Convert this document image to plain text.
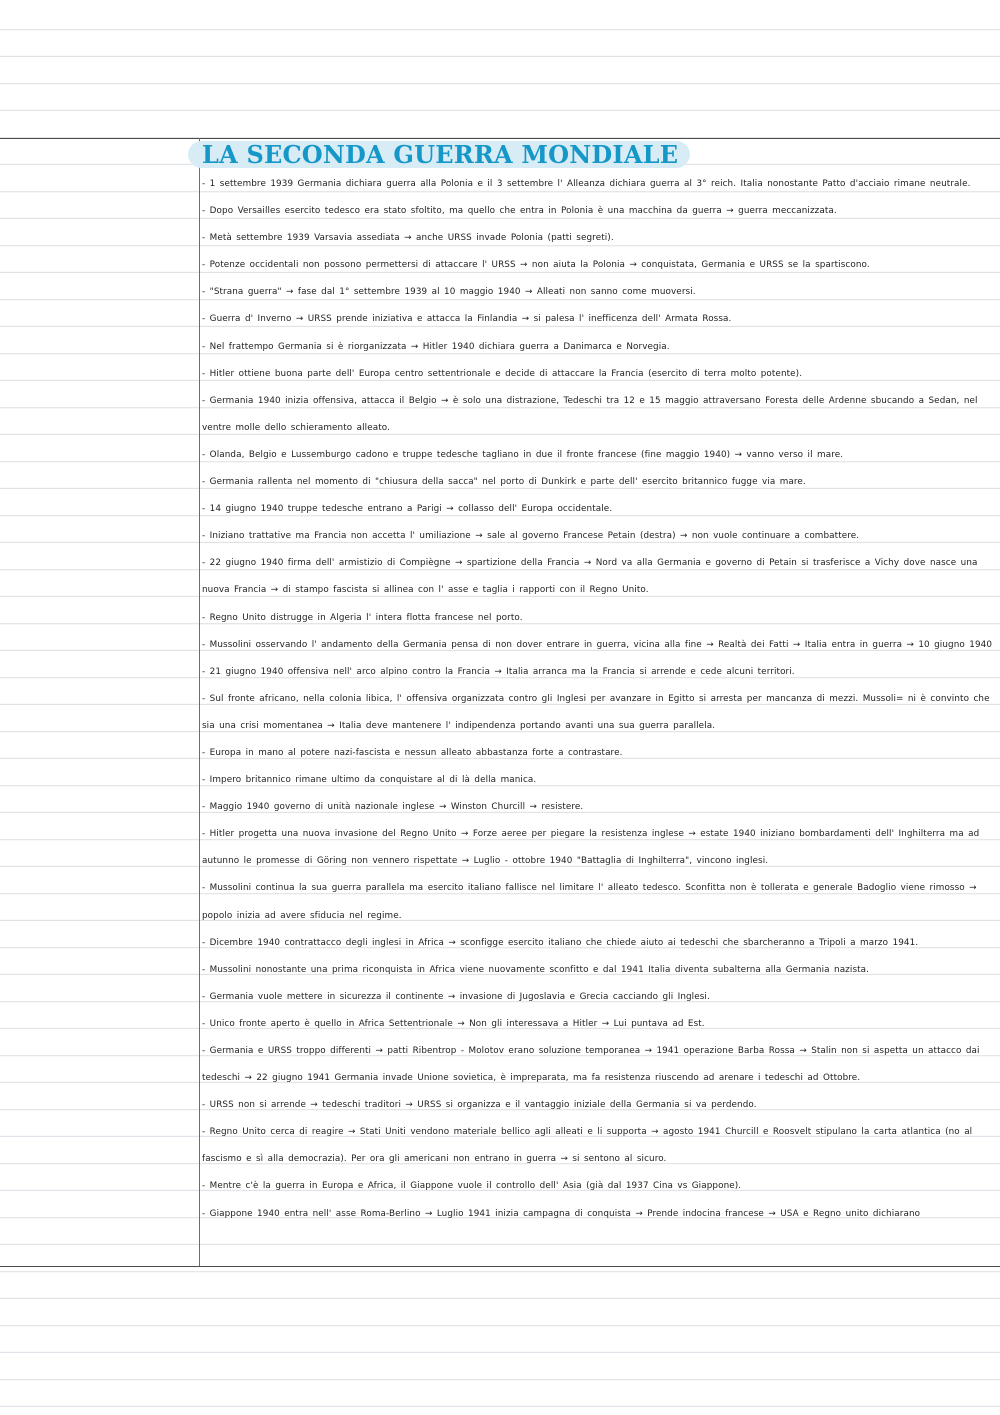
LA SECONDA GUERRA MONDIALE
- 1 settembre 1939 Germania dichiara guerra alla Polonia e il 3 settembre l' Alleanza dichiara guerra al 3° reich. Italia nonostante Patto d'acciaio rimane neutrale.
- Dopo Versailles esercito tedesco era stato sfoltito, ma quello che entra in Polonia è una macchina da guerra → guerra meccanizzata.
- Metà settembre 1939 Varsavia assediata → anche URSS invade Polonia (patti segreti).
- Potenze occidentali non possono permettersi di attaccare l' URSS → non aiuta la Polonia → conquistata, Germania e URSS se la spartiscono.
- "Strana guerra" → fase dal 1° settembre 1939 al 10 maggio 1940 → Alleati non sanno come muoversi.
- Guerra d' Inverno → URSS prende iniziativa e attacca la Finlandia → si palesa l' inefficenza dell' Armata Rossa.
- Nel frattempo Germania si è riorganizzata → Hitler 1940 dichiara guerra a Danimarca e Norvegia.
- Hitler ottiene buona parte dell' Europa centro settentrionale e decide di attaccare la Francia (esercito di terra molto potente).
- Germania 1940 inizia offensiva, attacca il Belgio → è solo una distrazione, Tedeschi tra 12 e 15 maggio attraversano Foresta delle Ardenne sbucando a Sedan, nel ventre molle dello schieramento alleato.
- Olanda, Belgio e Lussemburgo cadono e truppe tedesche tagliano in due il fronte francese (fine maggio 1940) → vanno verso il mare.
- Germania rallenta nel momento di "chiusura della sacca" nel porto di Dunkirk e parte dell' esercito britannico fugge via mare.
- 14 giugno 1940 truppe tedesche entrano a Parigi → collasso dell' Europa occidentale.
- Iniziano trattative ma Francia non accetta l' umiliazione → sale al governo Francese Petain (destra) → non vuole continuare a combattere.
- 22 giugno 1940 firma dell' armistizio di Compiègne → spartizione della Francia → Nord va alla Germania e governo di Petain si trasferisce a Vichy dove nasce una nuova Francia → di stampo fascista si allinea con l' asse e taglia i rapporti con il Regno Unito.
- Regno Unito distrugge in Algeria l' intera flotta francese nel porto.
- Mussolini osservando l' andamento della Germania pensa di non dover entrare in guerra, vicina alla fine → Realtà dei Fatti → Italia entra in guerra → 10 giugno 1940
- 21 giugno 1940 offensiva nell' arco alpino contro la Francia → Italia arranca ma la Francia si arrende e cede alcuni territori.
- Sul fronte africano, nella colonia libica, l' offensiva organizzata contro gli Inglesi per avanzare in Egitto si arresta per mancanza di mezzi. Mussoli= ni è convinto che sia una crisi momentanea → Italia deve mantenere l' indipendenza portando avanti una sua guerra parallela.
- Europa in mano al potere nazi-fascista e nessun alleato abbastanza forte a contrastare.
- Impero britannico rimane ultimo da conquistare al di là della manica.
- Maggio 1940 governo di unità nazionale inglese → Winston Churcill → resistere.
- Hitler progetta una nuova invasione del Regno Unito → Forze aeree per piegare la resistenza inglese → estate 1940 iniziano bombardamenti dell' Inghilterra ma ad autunno le promesse di Göring non vennero rispettate → Luglio - ottobre 1940 "Battaglia di Inghilterra", vincono inglesi.
- Mussolini continua la sua guerra parallela ma esercito italiano fallisce nel limitare l' alleato tedesco. Sconfitta non è tollerata e generale Badoglio viene rimosso → popolo inizia ad avere sfiducia nel regime.
- Dicembre 1940 contrattacco degli inglesi in Africa → sconfigge esercito italiano che chiede aiuto ai tedeschi che sbarcheranno a Tripoli a marzo 1941.
- Mussolini nonostante una prima riconquista in Africa viene nuovamente sconfitto e dal 1941 Italia diventa subalterna alla Germania nazista.
- Germania vuole mettere in sicurezza il continente → invasione di Jugoslavia e Grecia cacciando gli Inglesi.
- Unico fronte aperto è quello in Africa Settentrionale → Non gli interessava a Hitler → Lui puntava ad Est.
- Germania e URSS troppo differenti → patti Ribentrop - Molotov erano soluzione temporanea → 1941 operazione Barba Rossa → Stalin non si aspetta un attacco dai tedeschi → 22 giugno 1941 Germania invade Unione sovietica, è impreparata, ma fa resistenza riuscendo ad arenare i tedeschi ad Ottobre.
- URSS non si arrende → tedeschi traditori → URSS si organizza e il vantaggio iniziale della Germania si va perdendo.
- Regno Unito cerca di reagire → Stati Uniti vendono materiale bellico agli alleati e li supporta → agosto 1941 Churcill e Roosvelt stipulano la carta atlantica (no al fascismo e sì alla democrazia). Per ora gli americani non entrano in guerra → si sentono al sicuro.
- Mentre c'è la guerra in Europa e Africa, il Giappone vuole il controllo dell' Asia (già dal 1937 Cina vs Giappone).
- Giappone 1940 entra nell' asse Roma-Berlino → Luglio 1941 inizia campagna di conquista → Prende indocina francese → USA e Regno unito dichiarano
